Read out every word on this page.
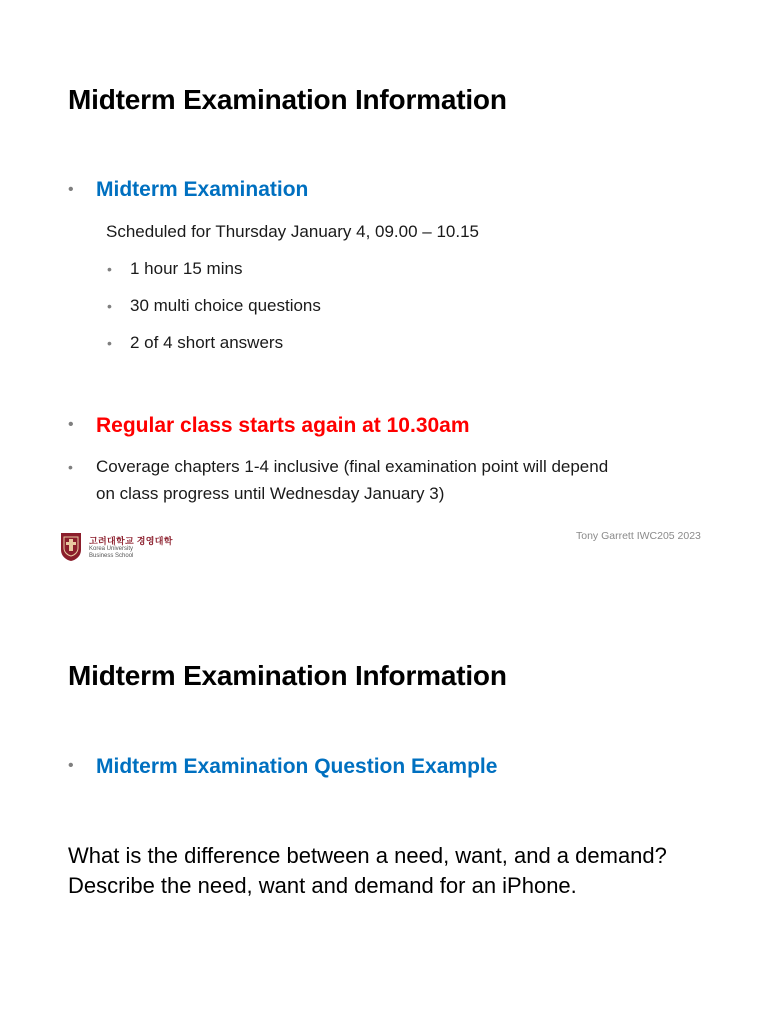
Midterm Examination Information
• Midterm Examination
Scheduled for Thursday January 4, 09.00 – 10.15
• 1 hour 15 mins
• 30 multi choice questions
• 2 of 4 short answers
• Regular class starts again at 10.30am
• Coverage chapters 1-4 inclusive (final examination point will depend
on class progress until Wednesday January 3)
고려대학교 경영대학
Korea University
Business School
Tony Garrett IWC205 2023
Midterm Examination Information
• Midterm Examination Question Example
What is the difference between a need, want, and a demand? Describe the need, want and demand for an iPhone.
